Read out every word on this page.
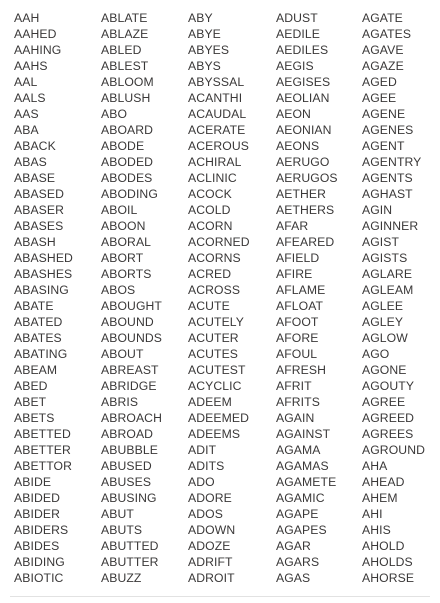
AAH
AAHED
AAHING
AAHS
AAL
AALS
AAS
ABA
ABACK
ABAS
ABASE
ABASED
ABASER
ABASES
ABASH
ABASHED
ABASHES
ABASING
ABATE
ABATED
ABATES
ABATING
ABEAM
ABED
ABET
ABETS
ABETTED
ABETTER
ABETTOR
ABIDE
ABIDED
ABIDER
ABIDERS
ABIDES
ABIDING
ABIOTIC
ABLATE
ABLAZE
ABLED
ABLEST
ABLOOM
ABLUSH
ABO
ABOARD
ABODE
ABODED
ABODES
ABODING
ABOIL
ABOON
ABORAL
ABORT
ABORTS
ABOS
ABOUGHT
ABOUND
ABOUNDS
ABOUT
ABREAST
ABRIDGE
ABRIS
ABROACH
ABROAD
ABUBBLE
ABUSED
ABUSES
ABUSING
ABUT
ABUTS
ABUTTED
ABUTTER
ABUZZ
ABY
ABYE
ABYES
ABYS
ABYSSAL
ACANTHI
ACAUDAL
ACERATE
ACEROUS
ACHIRAL
ACLINIC
ACOCK
ACOLD
ACORN
ACORNED
ACORNS
ACRED
ACROSS
ACUTE
ACUTELY
ACUTER
ACUTES
ACUTEST
ACYCLIC
ADEEM
ADEEMED
ADEEMS
ADIT
ADITS
ADO
ADORE
ADOS
ADOWN
ADOZE
ADRIFT
ADROIT
ADUST
AEDILE
AEDILES
AEGIS
AEGISES
AEOLIAN
AEON
AEONIAN
AEONS
AERUGO
AERUGOS
AETHER
AETHERS
AFAR
AFEARED
AFIELD
AFIRE
AFLAME
AFLOAT
AFOOT
AFORE
AFOUL
AFRESH
AFRIT
AFRITS
AGAIN
AGAINST
AGAMA
AGAMAS
AGAMETE
AGAMIC
AGAPE
AGAPES
AGAR
AGARS
AGAS
AGATE
AGATES
AGAVE
AGAZE
AGED
AGEE
AGENE
AGENES
AGENT
AGENTRY
AGENTS
AGHAST
AGIN
AGINNER
AGIST
AGISTS
AGLARE
AGLEAM
AGLEE
AGLEY
AGLOW
AGO
AGONE
AGOUTY
AGREE
AGREED
AGREES
AGROUND
AHA
AHEAD
AHEM
AHI
AHIS
AHOLD
AHOLDS
AHORSE
